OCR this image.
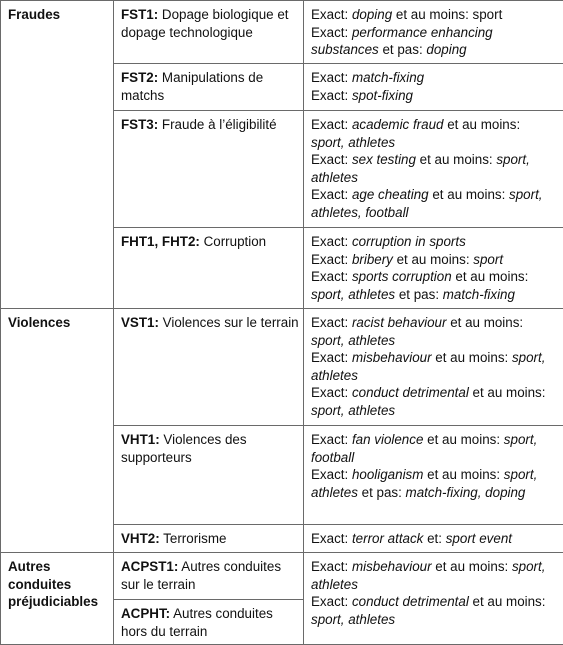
Fraudes	FST1: Dopage biologique et dopage technologique	Exact: doping et au moins: sport
Exact: performance enhancing substances et pas: doping

	FST2: Manipulations de matchs	Exact: match-fixing
Exact: spot-fixing

	FST3: Fraude à l’éligibilité	Exact: academic fraud et au moins: sport, athletes
Exact: sex testing et au moins: sport, athletes
Exact: age cheating et au moins: sport, athletes, football

	FHT1, FHT2: Corruption	Exact: corruption in sports
Exact: bribery et au moins: sport
Exact: sports corruption et au moins: sport, athletes et pas: match-fixing

Violences	VST1: Violences sur le terrain	Exact: racist behaviour et au moins: sport, athletes
Exact: misbehaviour et au moins: sport, athletes
Exact: conduct detrimental et au moins: sport, athletes

	VHT1: Violences des supporteurs	Exact: fan violence et au moins: sport, football
Exact: hooliganism et au moins: sport, athletes et pas: match-fixing, doping

	VHT2: Terrorisme	Exact: terror attack et: sport event

Autres conduites préjudiciables	ACPST1: Autres conduites sur le terrain	Exact: misbehaviour et au moins: sport, athletes
Exact: conduct detrimental et au moins: sport, athletes

	ACPHT: Autres conduites hors du terrain	
